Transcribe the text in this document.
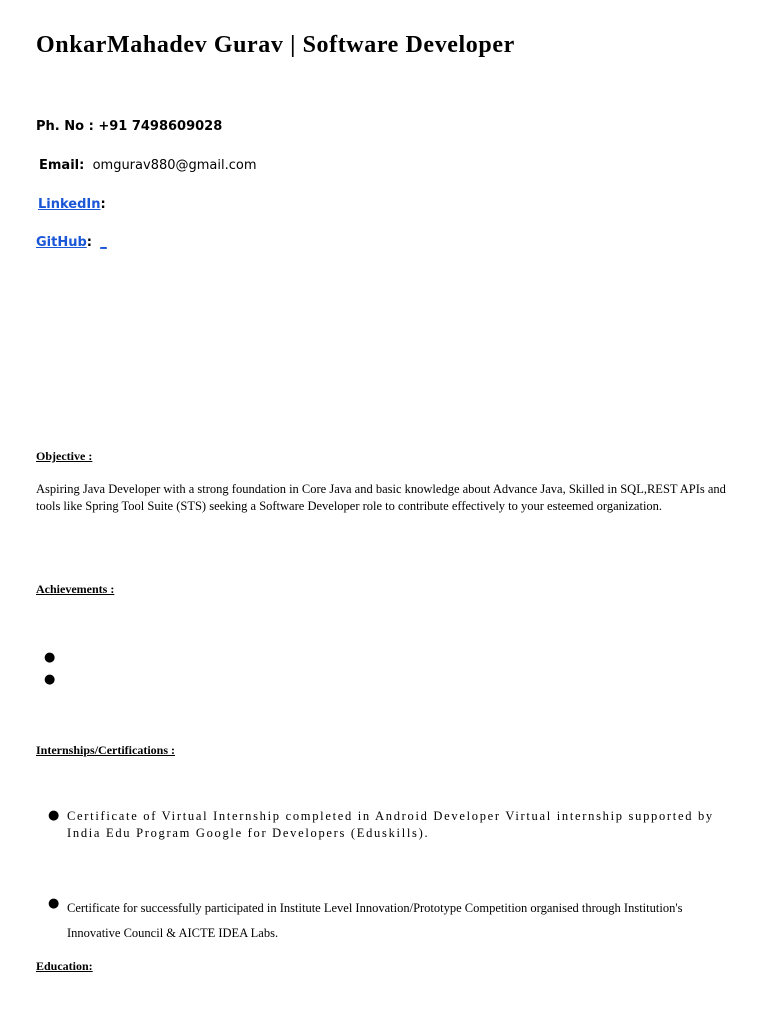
OnkarMahadev Gurav | Software Developer
Ph. No : +91 7498609028
Email: omgurav880@gmail.com
LinkedIn:
GitHub: _
Objective :
Aspiring Java Developer with a strong foundation in Core Java and basic knowledge about Advance Java, Skilled in SQL,REST APIs and tools like Spring Tool Suite (STS) seeking a Software Developer role to contribute effectively to your esteemed organization.
Achievements :
●
●
Internships/Certifications :
● Certificate of Virtual Internship completed in Android Developer Virtual internship supported by India Edu Program Google for Developers (Eduskills).
● Certificate for successfully participated in Institute Level Innovation/Prototype Competition organised through Institution's Innovative Council & AICTE IDEA Labs.
Education:
